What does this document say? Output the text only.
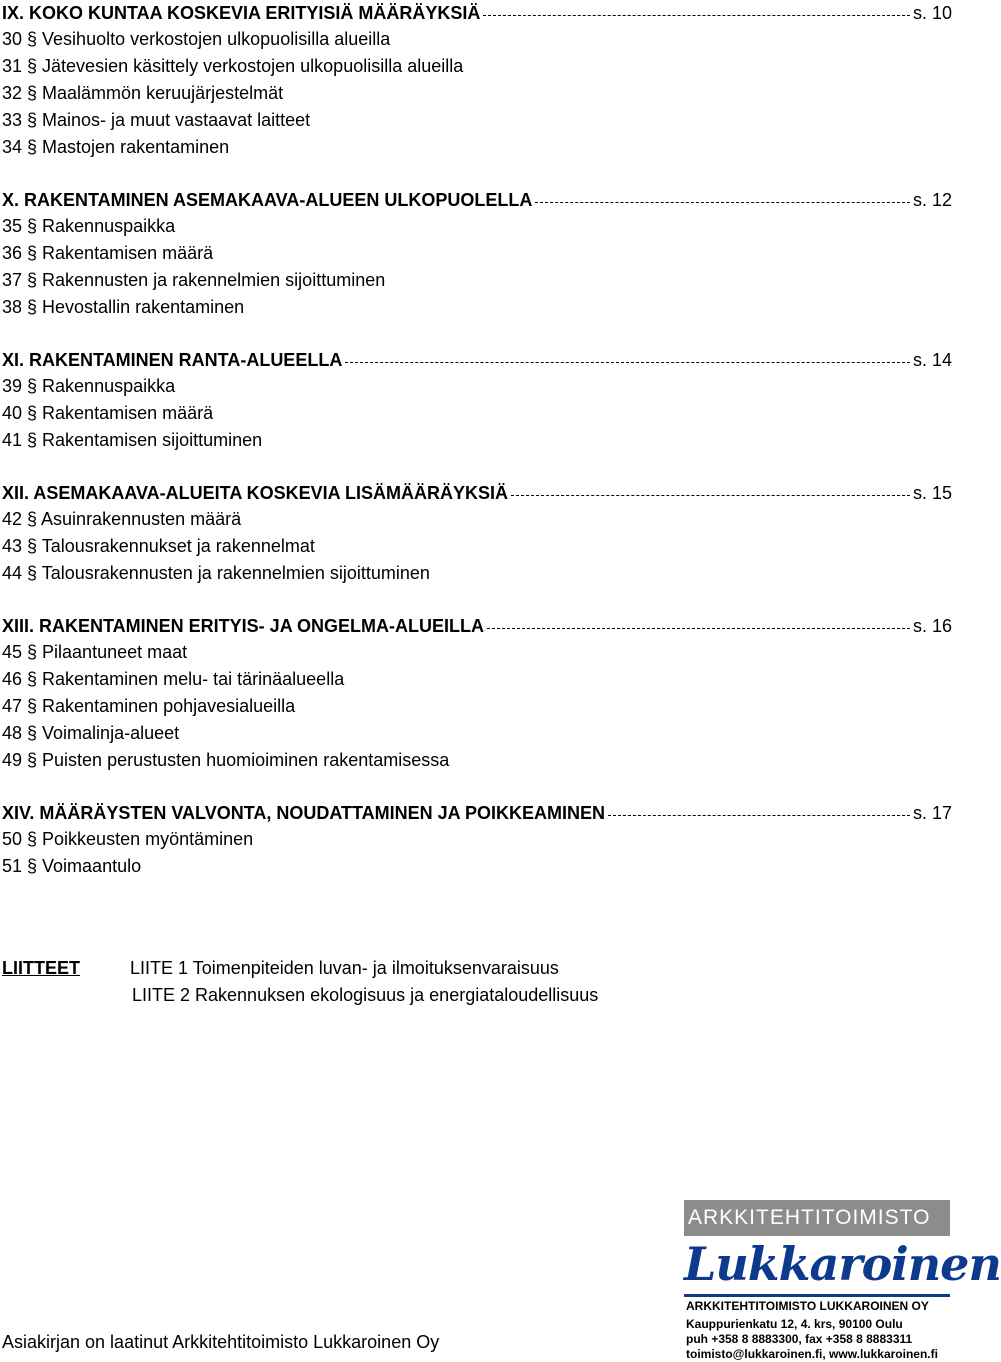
IX. KOKO KUNTAA KOSKEVIA ERITYISIÄ MÄÄRÄYKSIÄ	s. 10
30 § Vesihuolto verkostojen ulkopuolisilla alueilla
31 § Jätevesien käsittely verkostojen ulkopuolisilla alueilla
32 § Maalämmön keruujärjestelmät
33 § Mainos- ja muut vastaavat laitteet
34 § Mastojen rakentaminen
X. RAKENTAMINEN ASEMAKAAVA-ALUEEN ULKOPUOLELLA	s. 12
35 § Rakennuspaikka
36 § Rakentamisen määrä
37 § Rakennusten ja rakennelmien sijoittuminen
38 § Hevostallin rakentaminen
XI. RAKENTAMINEN RANTA-ALUEELLA	s. 14
39 § Rakennuspaikka
40 § Rakentamisen määrä
41 § Rakentamisen sijoittuminen
XII. ASEMAKAAVA-ALUEITA KOSKEVIA LISÄMÄÄRÄYKSIÄ	s. 15
42 § Asuinrakennusten määrä
43 § Talousrakennukset ja rakennelmat
44 § Talousrakennusten ja rakennelmien sijoittuminen
XIII. RAKENTAMINEN ERITYIS- JA ONGELMA-ALUEILLA	s. 16
45 § Pilaantuneet maat
46 § Rakentaminen melu- tai tärinäalueella
47 § Rakentaminen pohjavesialueilla
48 § Voimalinja-alueet
49 § Puisten perustusten huomioiminen rakentamisessa
XIV. MÄÄRÄYSTEN VALVONTA, NOUDATTAMINEN JA POIKKEAMINEN	s. 17
50 § Poikkeusten myöntäminen
51 § Voimaantulo
LIITTEET	LIITE 1 Toimenpiteiden luvan- ja ilmoituksenvaraisuus
LIITE 2 Rakennuksen ekologisuus ja energiataloudellisuus
Asiakirjan on laatinut Arkkitehtitoimisto Lukkaroinen Oy
ARKKITEHTITOIMISTO
Lukkaroinen
ARKKITEHTITOIMISTO LUKKAROINEN OY
Kauppurienkatu 12, 4. krs, 90100 Oulu
puh +358 8 8883300, fax +358 8 8883311
toimisto@lukkaroinen.fi, www.lukkaroinen.fi
